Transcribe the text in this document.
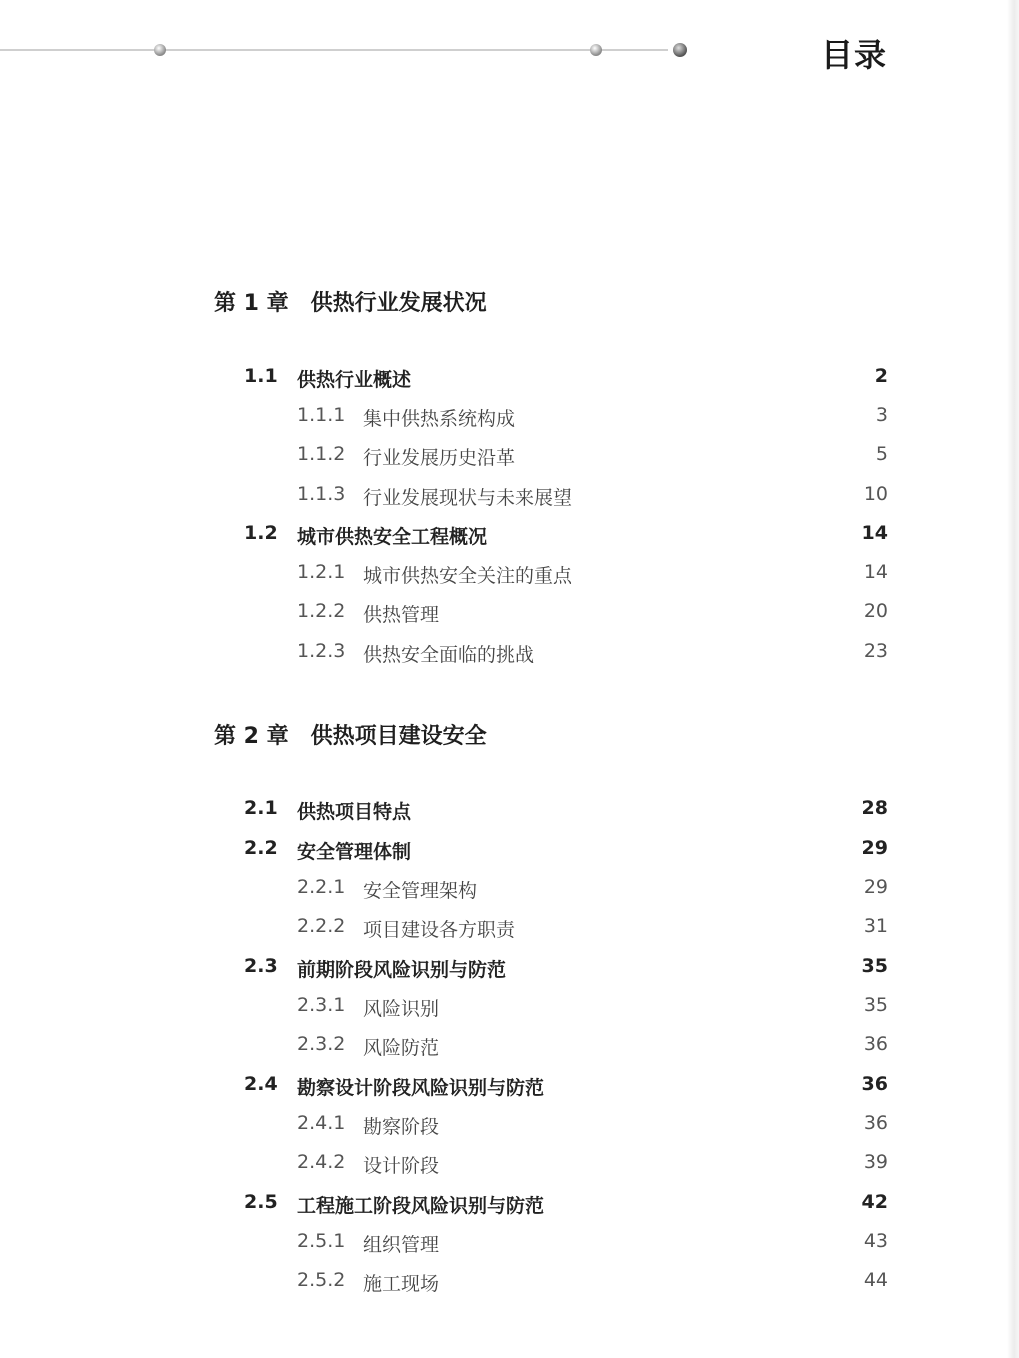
目录
第 1 章 供热行业发展状况
1.1 供热行业概述	2
1.1.1 集中供热系统构成	3
1.1.2 行业发展历史沿革	5
1.1.3 行业发展现状与未来展望	10
1.2 城市供热安全工程概况	14
1.2.1 城市供热安全关注的重点	14
1.2.2 供热管理	20
1.2.3 供热安全面临的挑战	23
第 2 章 供热项目建设安全
2.1 供热项目特点	28
2.2 安全管理体制	29
2.2.1 安全管理架构	29
2.2.2 项目建设各方职责	31
2.3 前期阶段风险识别与防范	35
2.3.1 风险识别	35
2.3.2 风险防范	36
2.4 勘察设计阶段风险识别与防范	36
2.4.1 勘察阶段	36
2.4.2 设计阶段	39
2.5 工程施工阶段风险识别与防范	42
2.5.1 组织管理	43
2.5.2 施工现场	44
